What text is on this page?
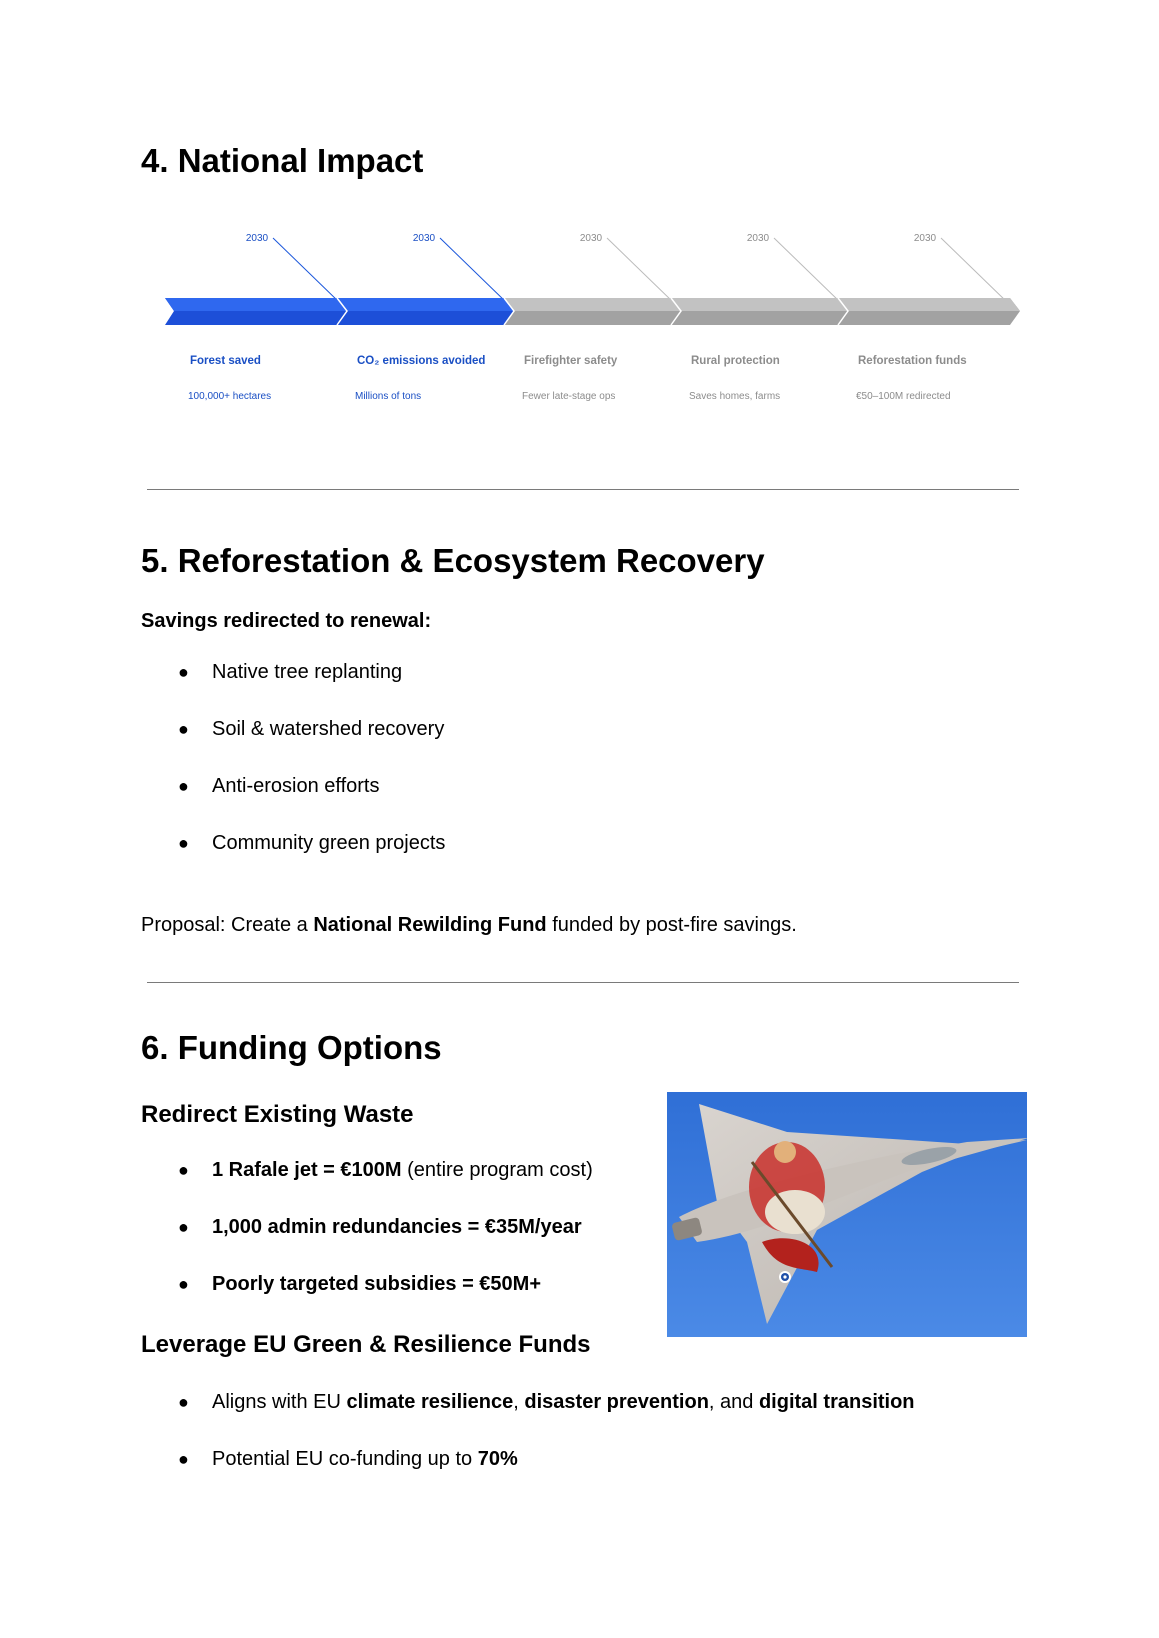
4. National Impact
2030	2030	2030	2030	2030
Forest saved	CO₂ emissions avoided	Firefighter safety	Rural protection	Reforestation funds
100,000+ hectares	Millions of tons	Fewer late-stage ops	Saves homes, farms	€50–100M redirected
5. Reforestation & Ecosystem Recovery
Savings redirected to renewal:
● Native tree replanting
● Soil & watershed recovery
● Anti-erosion efforts
● Community green projects
Proposal: Create a National Rewilding Fund funded by post-fire savings.
6. Funding Options
Redirect Existing Waste
● 1 Rafale jet = €100M (entire program cost)
● 1,000 admin redundancies = €35M/year
● Poorly targeted subsidies = €50M+
Leverage EU Green & Resilience Funds
● Aligns with EU climate resilience, disaster prevention, and digital transition
● Potential EU co-funding up to 70%
